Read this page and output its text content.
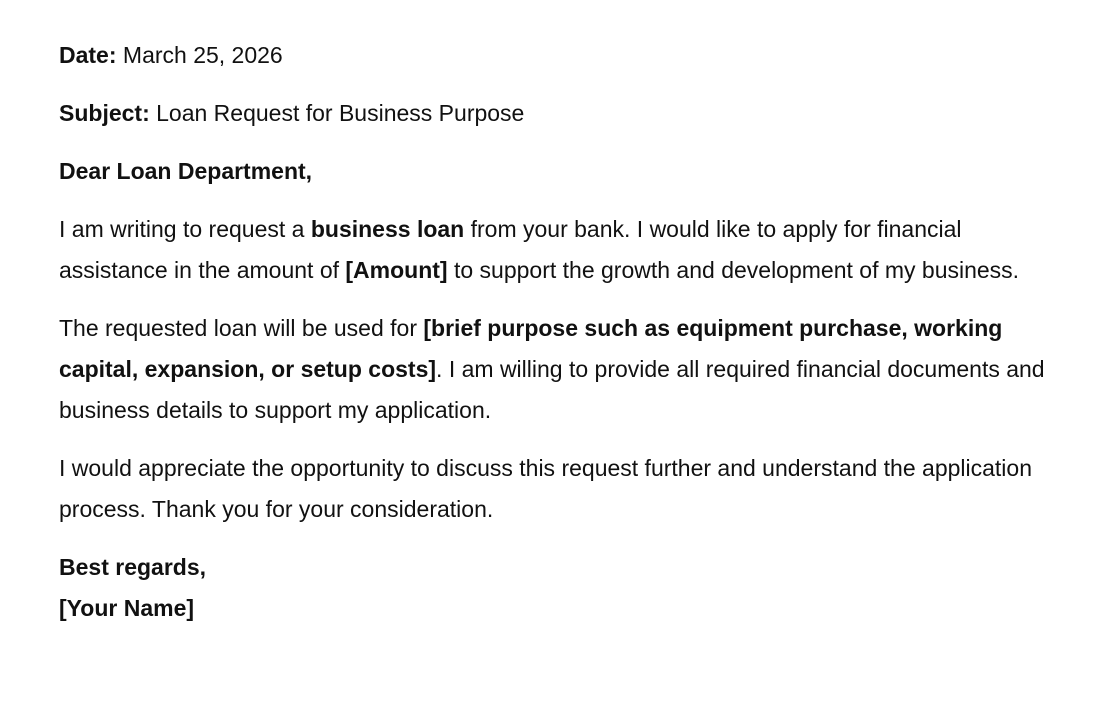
Date: March 25, 2026

Subject: Loan Request for Business Purpose

Dear Loan Department,

I am writing to request a business loan from your bank. I would like to apply for financial assistance in the amount of [Amount] to support the growth and development of my business.

The requested loan will be used for [brief purpose such as equipment purchase, working capital, expansion, or setup costs]. I am willing to provide all required financial documents and business details to support my application.

I would appreciate the opportunity to discuss this request further and understand the application process. Thank you for your consideration.

Best regards,

[Your Name]
